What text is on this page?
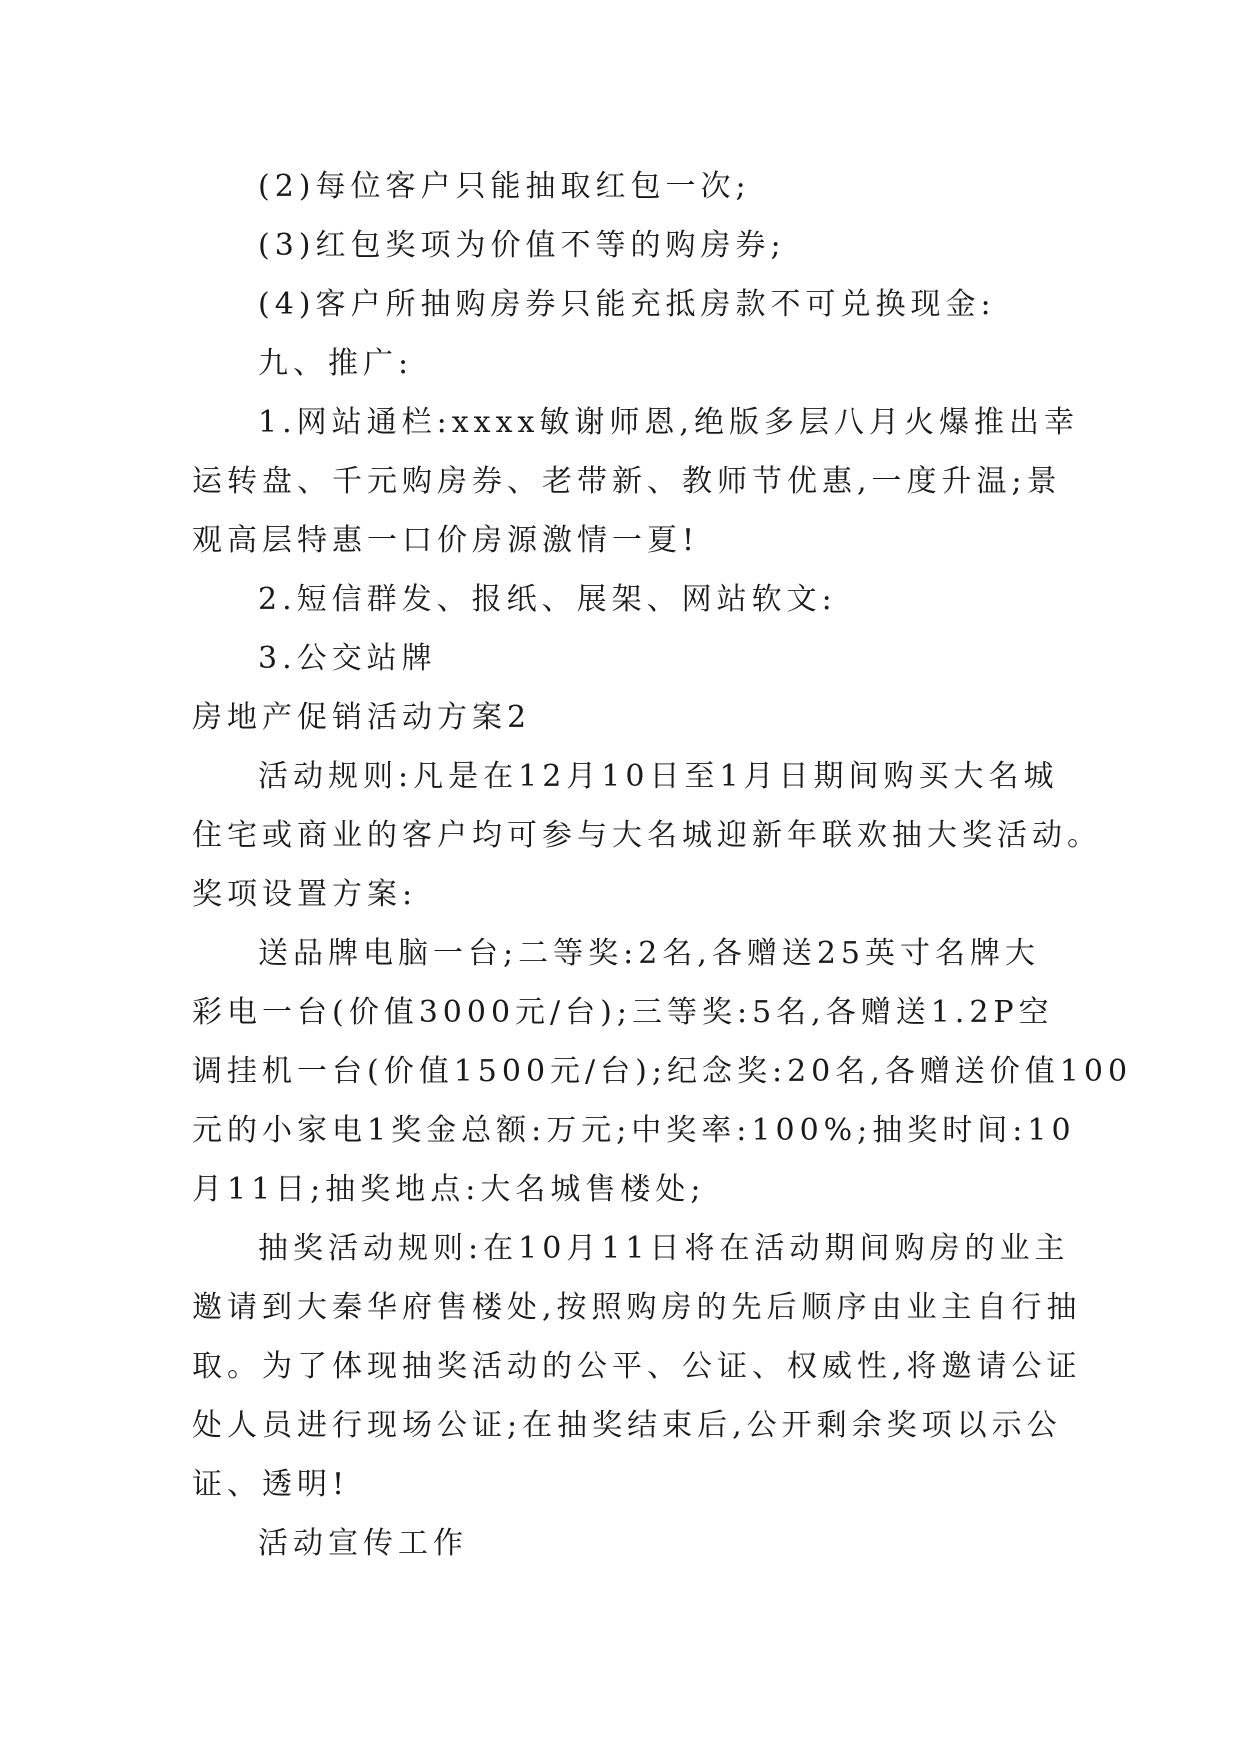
(2)每位客户只能抽取红包一次;

(3)红包奖项为价值不等的购房券;

(4)客户所抽购房券只能充抵房款不可兑换现金:

九、推广:

1.网站通栏:xxxx敏谢师恩,绝版多层八月火爆推出幸

运转盘、千元购房券、老带新、教师节优惠,一度升温;景

观高层特惠一口价房源激情一夏!

2.短信群发、报纸、展架、网站软文:

3.公交站牌

房地产促销活动方案2

活动规则:凡是在12月10日至1月日期间购买大名城

住宅或商业的客户均可参与大名城迎新年联欢抽大奖活动。

奖项设置方案:

送品牌电脑一台;二等奖:2名,各赠送25英寸名牌大

彩电一台(价值3000元/台);三等奖:5名,各赠送1.2P空

调挂机一台(价值1500元/台);纪念奖:20名,各赠送价值100

元的小家电1奖金总额:万元;中奖率:100%;抽奖时间:10

月11日;抽奖地点:大名城售楼处;

抽奖活动规则:在10月11日将在活动期间购房的业主

邀请到大秦华府售楼处,按照购房的先后顺序由业主自行抽

取。为了体现抽奖活动的公平、公证、权威性,将邀请公证

处人员进行现场公证;在抽奖结束后,公开剩余奖项以示公

证、透明!

活动宣传工作
